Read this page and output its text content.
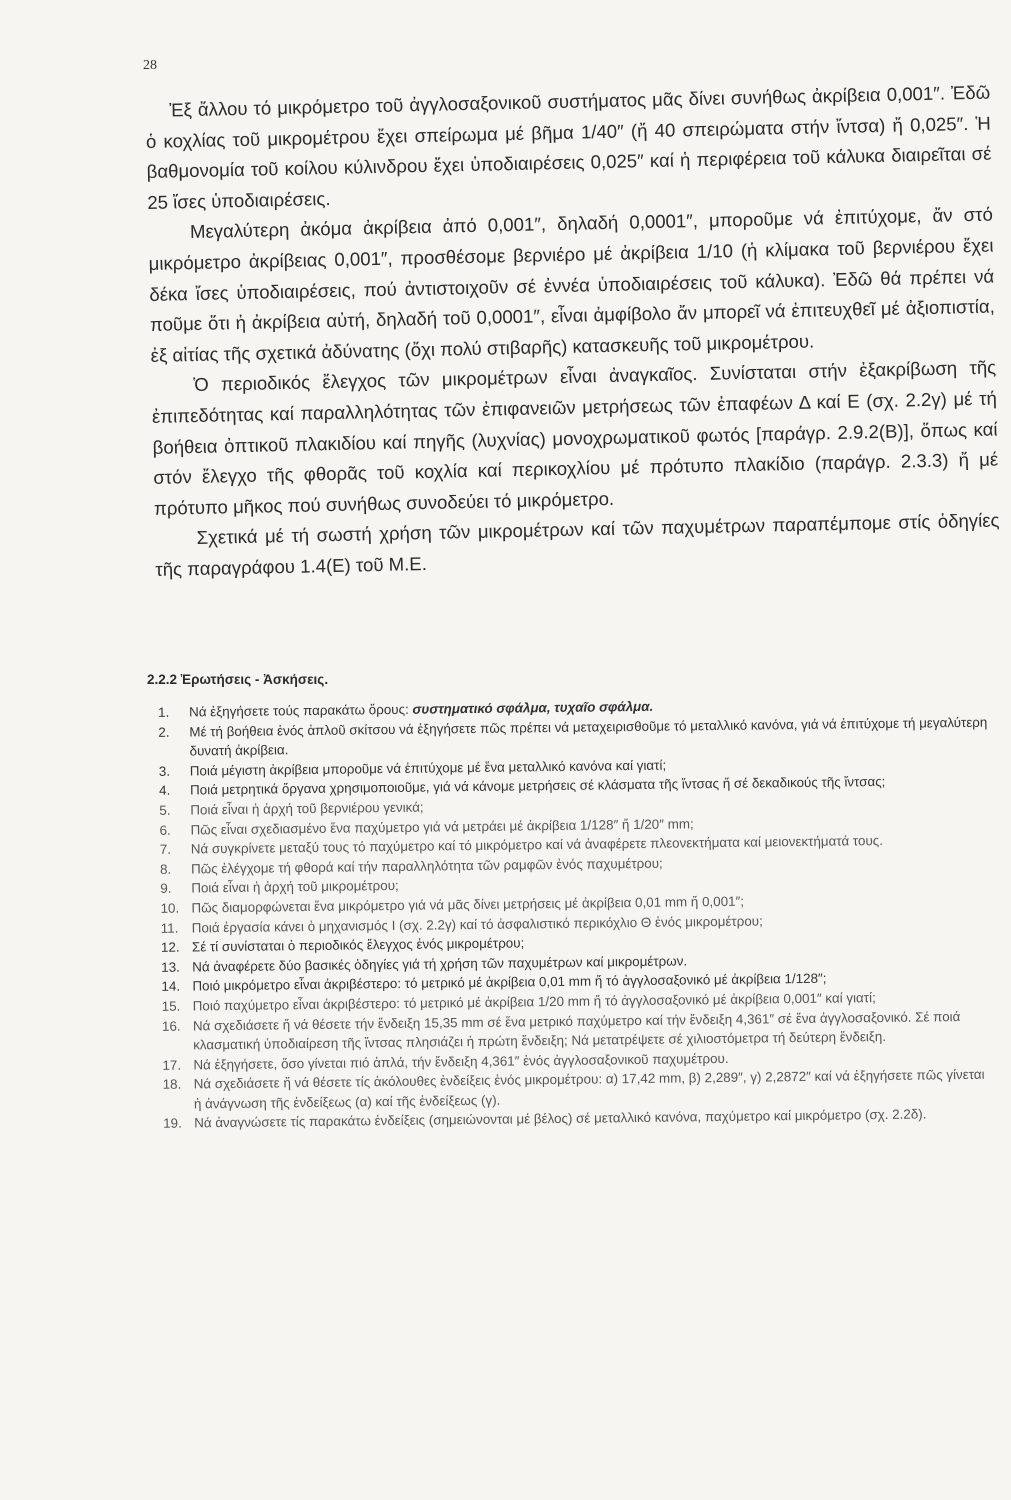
28

Ἐξ ἄλλου τό μικρόμετρο τοῦ ἀγγλοσαξονικοῦ συστήματος μᾶς δίνει συνήθως ἀκρίβεια 0,001″. Ἐδῶ ὁ κοχλίας τοῦ μικρομέτρου ἔχει σπείρωμα μέ βῆμα 1/40″ (ἤ 40 σπειρώματα στήν ἴντσα) ἤ 0,025″. Ἡ βαθμονομία τοῦ κοίλου κύλινδρου ἔχει ὑποδιαιρέσεις 0,025″ καί ἡ περιφέρεια τοῦ κάλυκα διαιρεῖται σέ 25 ἴσες ὑποδιαιρέσεις.

Μεγαλύτερη ἀκόμα ἀκρίβεια ἀπό 0,001″, δηλαδή 0,0001″, μποροῦμε νά ἐπιτύχομε, ἄν στό μικρόμετρο ἀκρίβειας 0,001″, προσθέσομε βερνιέρο μέ ἀκρίβεια 1/10 (ἡ κλίμακα τοῦ βερνιέρου ἔχει δέκα ἴσες ὑποδιαιρέσεις, πού ἀντιστοιχοῦν σέ ἐννέα ὑποδιαιρέσεις τοῦ κάλυκα). Ἐδῶ θά πρέπει νά ποῦμε ὅτι ἡ ἀκρίβεια αὐτή, δηλαδή τοῦ 0,0001″, εἶναι ἀμφίβολο ἄν μπορεῖ νά ἐπιτευχθεῖ μέ ἀξιοπιστία, ἐξ αἰτίας τῆς σχετικά ἀδύνατης (ὄχι πολύ στιβαρῆς) κατασκευῆς τοῦ μικρομέτρου.

Ὁ περιοδικός ἔλεγχος τῶν μικρομέτρων εἶναι ἀναγκαῖος. Συνίσταται στήν ἐξακρίβωση τῆς ἐπιπεδότητας καί παραλληλότητας τῶν ἐπιφανειῶν μετρήσεως τῶν ἐπαφέων Δ καί Ε (σχ. 2.2γ) μέ τή βοήθεια ὀπτικοῦ πλακιδίου καί πηγῆς (λυχνίας) μονοχρωματικοῦ φωτός [παράγρ. 2.9.2(Β)], ὅπως καί στόν ἔλεγχο τῆς φθορᾶς τοῦ κοχλία καί περικοχλίου μέ πρότυπο πλακίδιο (παράγρ. 2.3.3) ἤ μέ πρότυπο μῆκος πού συνήθως συνοδεύει τό μικρόμετρο.

Σχετικά μέ τή σωστή χρήση τῶν μικρομέτρων καί τῶν παχυμέτρων παραπέμπομε στίς ὁδηγίες τῆς παραγράφου 1.4(Ε) τοῦ Μ.Ε.

2.2.2 Ἐρωτήσεις - Ἀσκήσεις.
1. Νά ἐξηγήσετε τούς παρακάτω ὅρους: συστηματικό σφάλμα, τυχαῖο σφάλμα.
2. Μέ τή βοήθεια ἑνός ἁπλοῦ σκίτσου νά ἐξηγήσετε πῶς πρέπει νά μεταχειρισθοῦμε τό μεταλλικό κανόνα, γιά νά ἐπιτύχομε τή μεγαλύτερη δυνατή ἀκρίβεια.
3. Ποιά μέγιστη ἀκρίβεια μποροῦμε νά ἐπιτύχομε μέ ἕνα μεταλλικό κανόνα καί γιατί;
4. Ποιά μετρητικά ὄργανα χρησιμοποιοῦμε, γιά νά κάνομε μετρήσεις σέ κλάσματα τῆς ἴντσας ἤ σέ δεκαδικούς τῆς ἴντσας;
5. Ποιά εἶναι ἡ ἀρχή τοῦ βερνιέρου γενικά;
6. Πῶς εἶναι σχεδιασμένο ἕνα παχύμετρο γιά νά μετράει μέ ἀκρίβεια 1/128″ ἤ 1/20″ mm;
7. Νά συγκρίνετε μεταξύ τους τό παχύμετρο καί τό μικρόμετρο καί νά ἀναφέρετε πλεονεκτήματα καί μειονεκτήματά τους.
8. Πῶς ἐλέγχομε τή φθορά καί τήν παραλληλότητα τῶν ραμφῶν ἑνός παχυμέτρου;
9. Ποιά εἶναι ἡ ἀρχή τοῦ μικρομέτρου;
10. Πῶς διαμορφώνεται ἕνα μικρόμετρο γιά νά μᾶς δίνει μετρήσεις μέ ἀκρίβεια 0,01 mm ἤ 0,001″;
11. Ποιά ἐργασία κάνει ὁ μηχανισμός Ι (σχ. 2.2γ) καί τό ἀσφαλιστικό περικόχλιο Θ ἑνός μικρομέτρου;
12. Σέ τί συνίσταται ὁ περιοδικός ἔλεγχος ἑνός μικρομέτρου;
13. Νά ἀναφέρετε δύο βασικές ὁδηγίες γιά τή χρήση τῶν παχυμέτρων καί μικρομέτρων.
14. Ποιό μικρόμετρο εἶναι ἀκριβέστερο: τό μετρικό μέ ἀκρίβεια 0,01 mm ἤ τό ἀγγλοσαξονικό μέ ἀκρίβεια 1/128″;
15. Ποιό παχύμετρο εἶναι ἀκριβέστερο: τό μετρικό μέ ἀκρίβεια 1/20 mm ἤ τό ἀγγλοσαξονικό μέ ἀκρίβεια 0,001″ καί γιατί;
16. Νά σχεδιάσετε ἤ νά θέσετε τήν ἔνδειξη 15,35 mm σέ ἕνα μετρικό παχύμετρο καί τήν ἔνδειξη 4,361″ σέ ἕνα ἀγγλοσαξονικό. Σέ ποιά κλασματική ὑποδιαίρεση τῆς ἴντσας πλησιάζει ἡ πρώτη ἔνδειξη; Νά μετατρέψετε σέ χιλιοστόμετρα τή δεύτερη ἔνδειξη.
17. Νά ἐξηγήσετε, ὅσο γίνεται πιό ἁπλά, τήν ἔνδειξη 4,361″ ἑνός ἀγγλοσαξονικοῦ παχυμέτρου.
18. Νά σχεδιάσετε ἤ νά θέσετε τίς ἀκόλουθες ἐνδείξεις ἑνός μικρομέτρου: α) 17,42 mm, β) 2,289″, γ) 2,2872″ καί νά ἐξηγήσετε πῶς γίνεται ἡ ἀνάγνωση τῆς ἐνδείξεως (α) καί τῆς ἐνδείξεως (γ).
19. Νά ἀναγνώσετε τίς παρακάτω ἐνδείξεις (σημειώνονται μέ βέλος) σέ μεταλλικό κανόνα, παχύμετρο καί μικρόμετρο (σχ. 2.2δ).
